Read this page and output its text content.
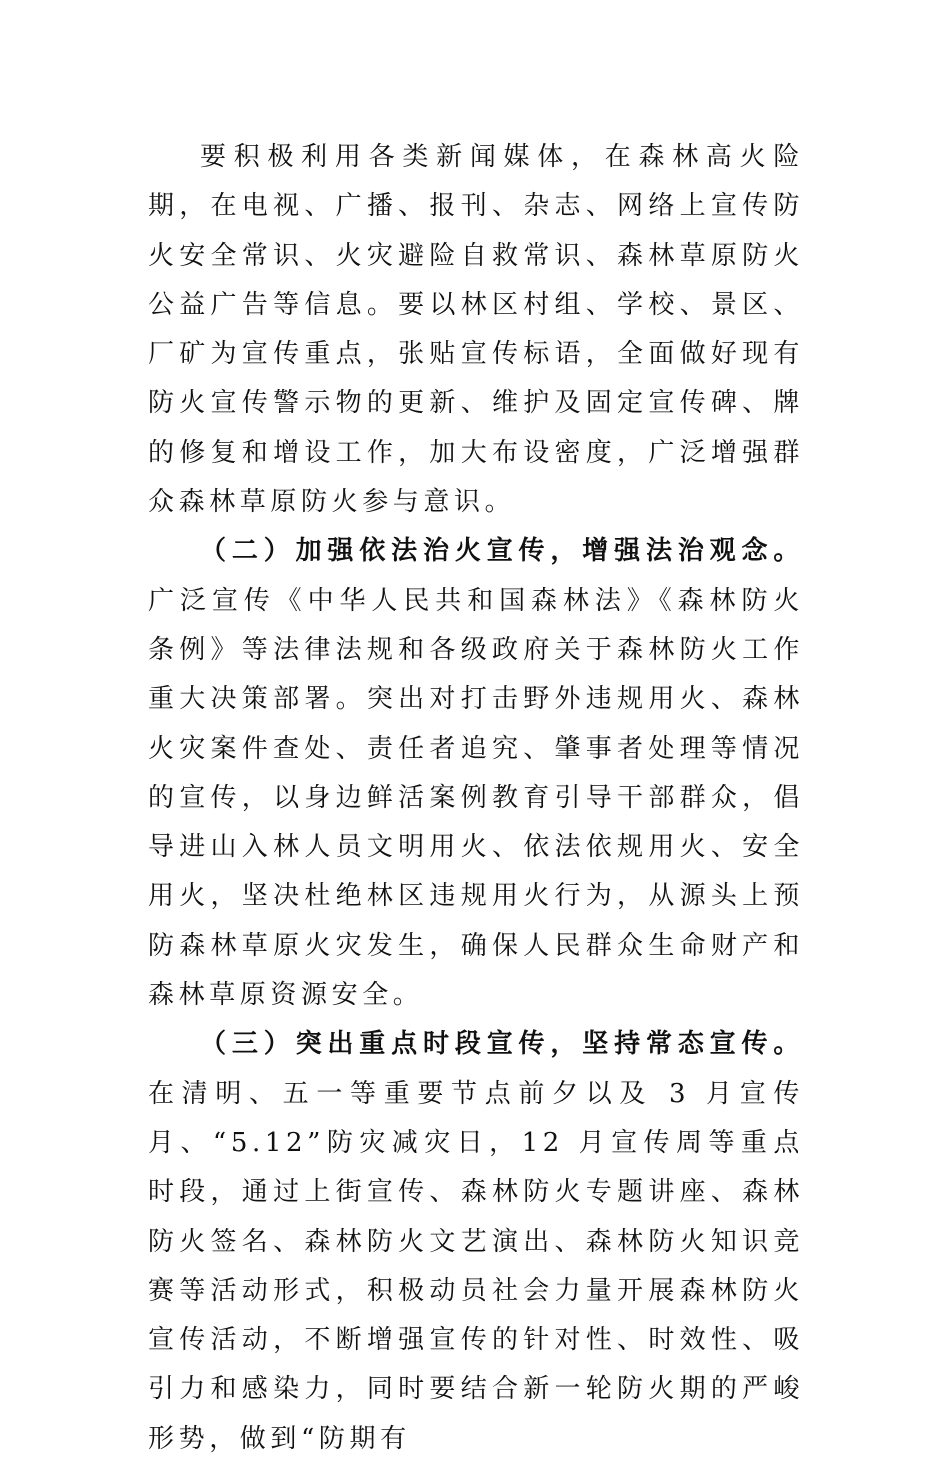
要积极利用各类新闻媒体，在森林高火险期，在电视、广播、报刊、杂志、网络上宣传防火安全常识、火灾避险自救常识、森林草原防火公益广告等信息。要以林区村组、学校、景区、厂矿为宣传重点，张贴宣传标语，全面做好现有防火宣传警示物的更新、维护及固定宣传碑、牌的修复和增设工作，加大布设密度，广泛增强群众森林草原防火参与意识。

（二）加强依法治火宣传，增强法治观念。广泛宣传《中华人民共和国森林法》《森林防火条例》等法律法规和各级政府关于森林防火工作重大决策部署。突出对打击野外违规用火、森林火灾案件查处、责任者追究、肇事者处理等情况的宣传，以身边鲜活案例教育引导干部群众，倡导进山入林人员文明用火、依法依规用火、安全用火，坚决杜绝林区违规用火行为，从源头上预防森林草原火灾发生，确保人民群众生命财产和森林草原资源安全。

（三）突出重点时段宣传，坚持常态宣传。在清明、五一等重要节点前夕以及 3 月宣传月、“5.12”防灾减灾日，12 月宣传周等重点时段，通过上街宣传、森林防火专题讲座、森林防火签名、森林防火文艺演出、森林防火知识竞赛等活动形式，积极动员社会力量开展森林防火宣传活动，不断增强宣传的针对性、时效性、吸引力和感染力，同时要结合新一轮防火期的严峻形势，做到“防期有
